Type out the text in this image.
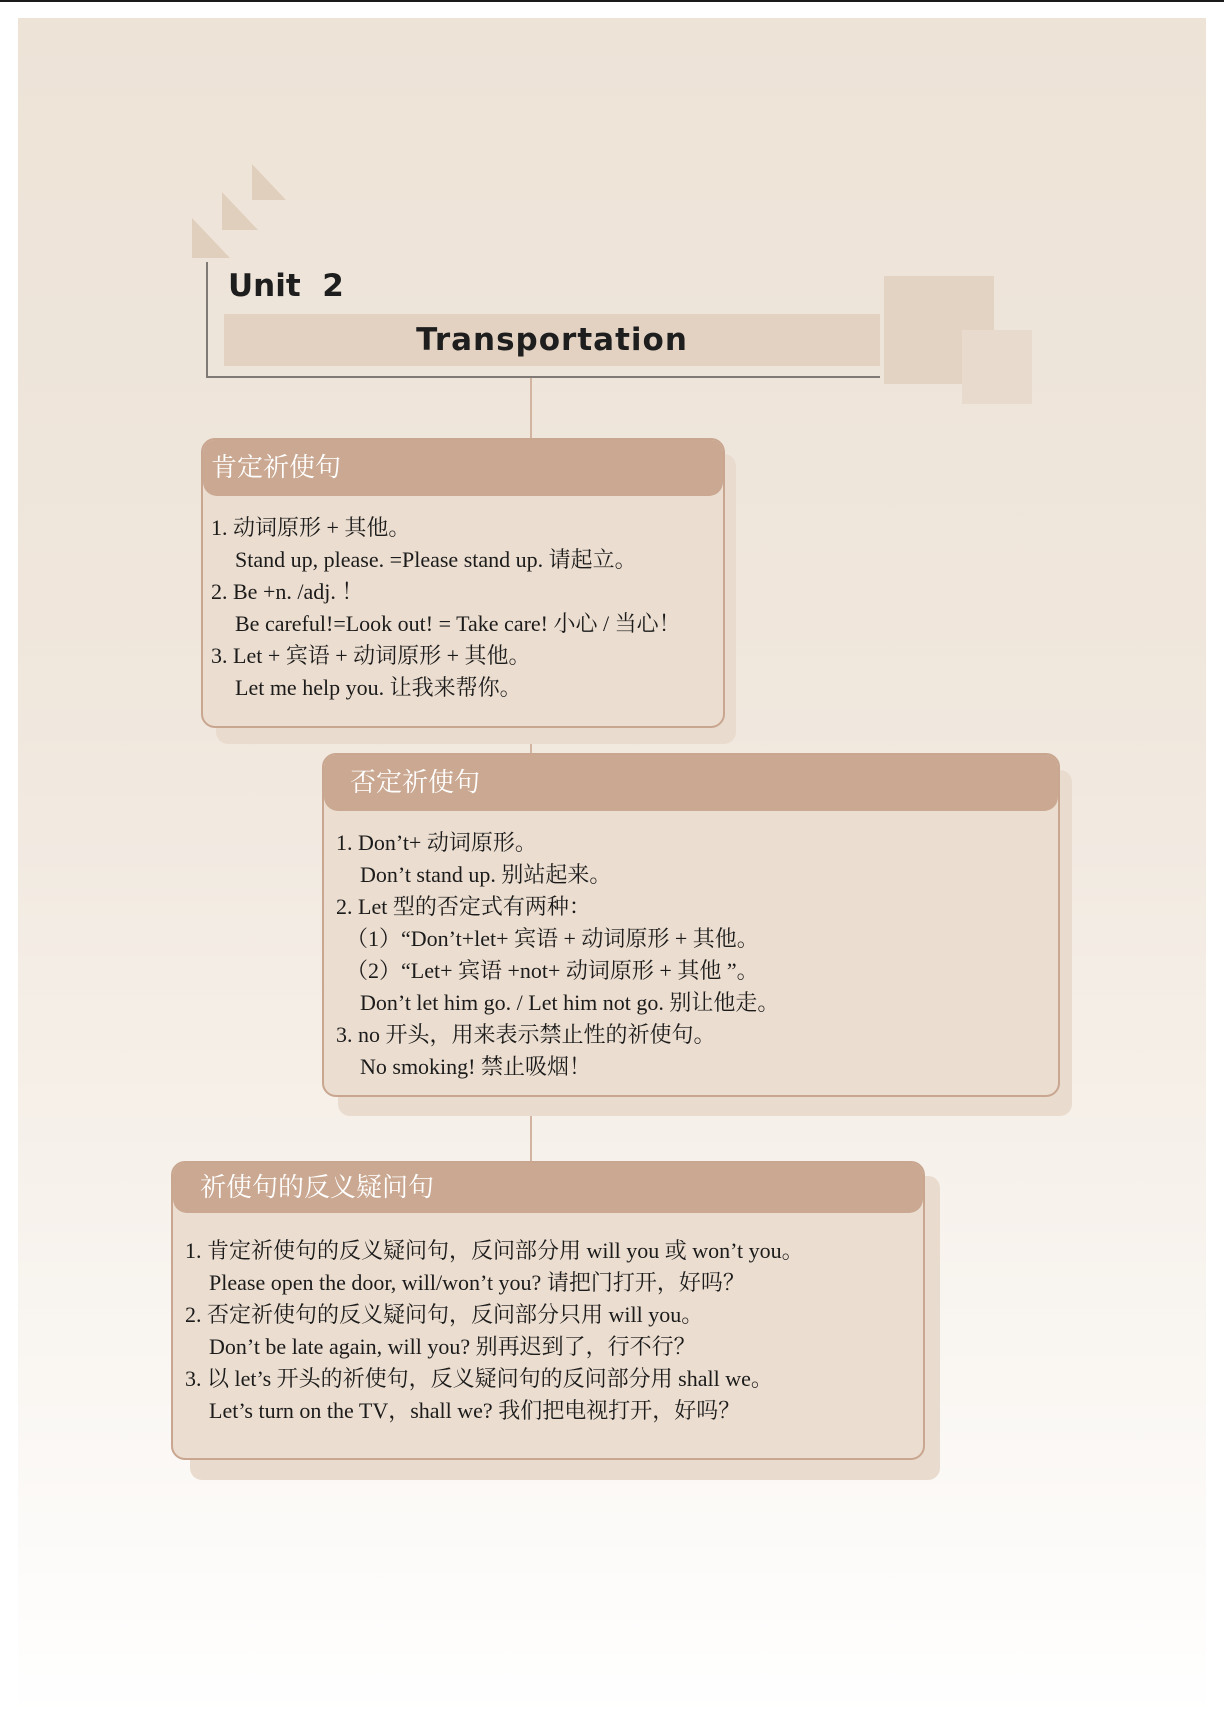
Unit  2
Transportation
肯定祈使句
1. 动词原形 + 其他。
Stand up, please. =Please stand up. 请起立。
2. Be +n. /adj. ！
Be careful!=Look out! = Take care! 小心 / 当心！
3. Let + 宾语 + 动词原形 + 其他。
Let me help you. 让我来帮你。
否定祈使句
1. Don’t+ 动词原形。
Don’t stand up. 别站起来。
2. Let 型的否定式有两种：
（1）“Don’t+let+ 宾语 + 动词原形 + 其他。
（2）“Let+ 宾语 +not+ 动词原形 + 其他 ”。
Don’t let him go. / Let him not go. 别让他走。
3. no 开头，用来表示禁止性的祈使句。
No smoking! 禁止吸烟！
祈使句的反义疑问句
1. 肯定祈使句的反义疑问句，反问部分用 will you 或 won’t you。
Please open the door, will/won’t you? 请把门打开，好吗？
2. 否定祈使句的反义疑问句，反问部分只用 will you。
Don’t be late again, will you? 别再迟到了，行不行？
3. 以 let’s 开头的祈使句，反义疑问句的反问部分用 shall we。
Let’s turn on the TV，shall we? 我们把电视打开，好吗？
